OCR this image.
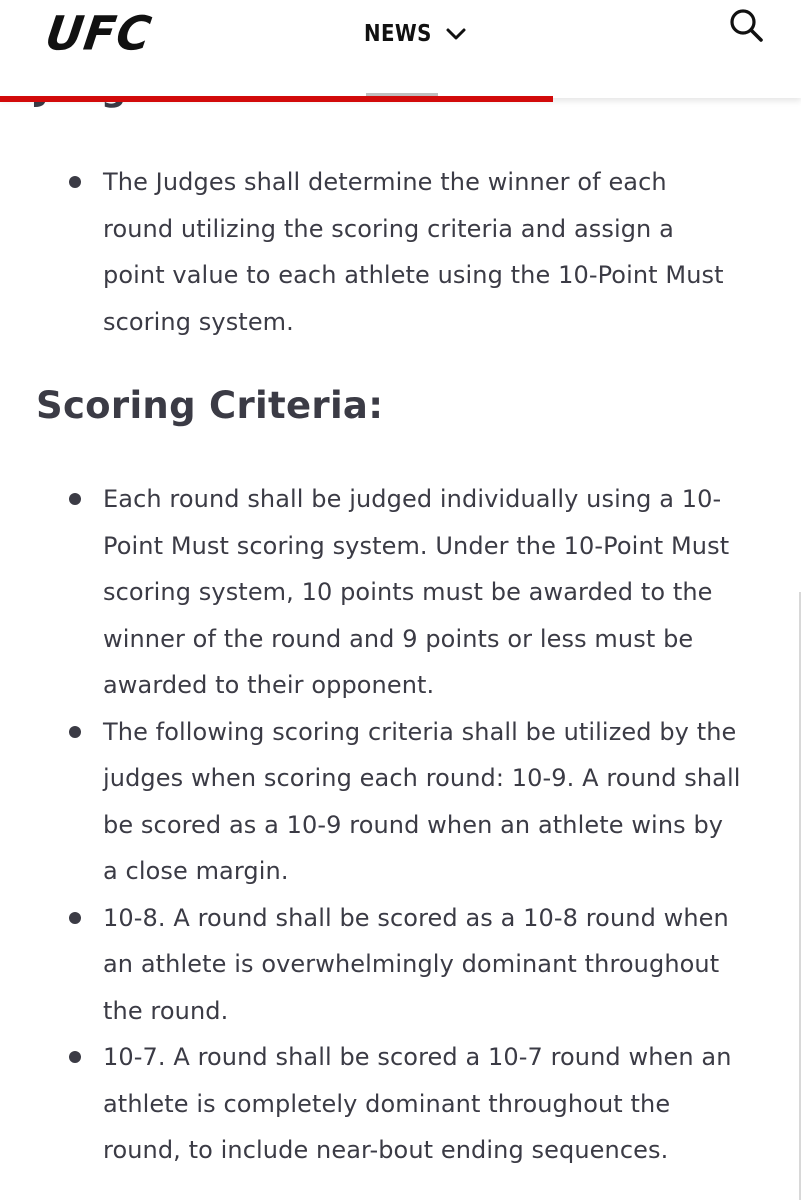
UFC	NEWS
The Judges shall determine the winner of each round utilizing the scoring criteria and assign a point value to each athlete using the 10-Point Must scoring system.
Scoring Criteria:
Each round shall be judged individually using a 10-Point Must scoring system. Under the 10-Point Must scoring system, 10 points must be awarded to the winner of the round and 9 points or less must be awarded to their opponent.
The following scoring criteria shall be utilized by the judges when scoring each round: 10-9. A round shall be scored as a 10-9 round when an athlete wins by a close margin.
10-8. A round shall be scored as a 10-8 round when an athlete is overwhelmingly dominant throughout the round.
10-7. A round shall be scored a 10-7 round when an athlete is completely dominant throughout the round, to include near-bout ending sequences.
